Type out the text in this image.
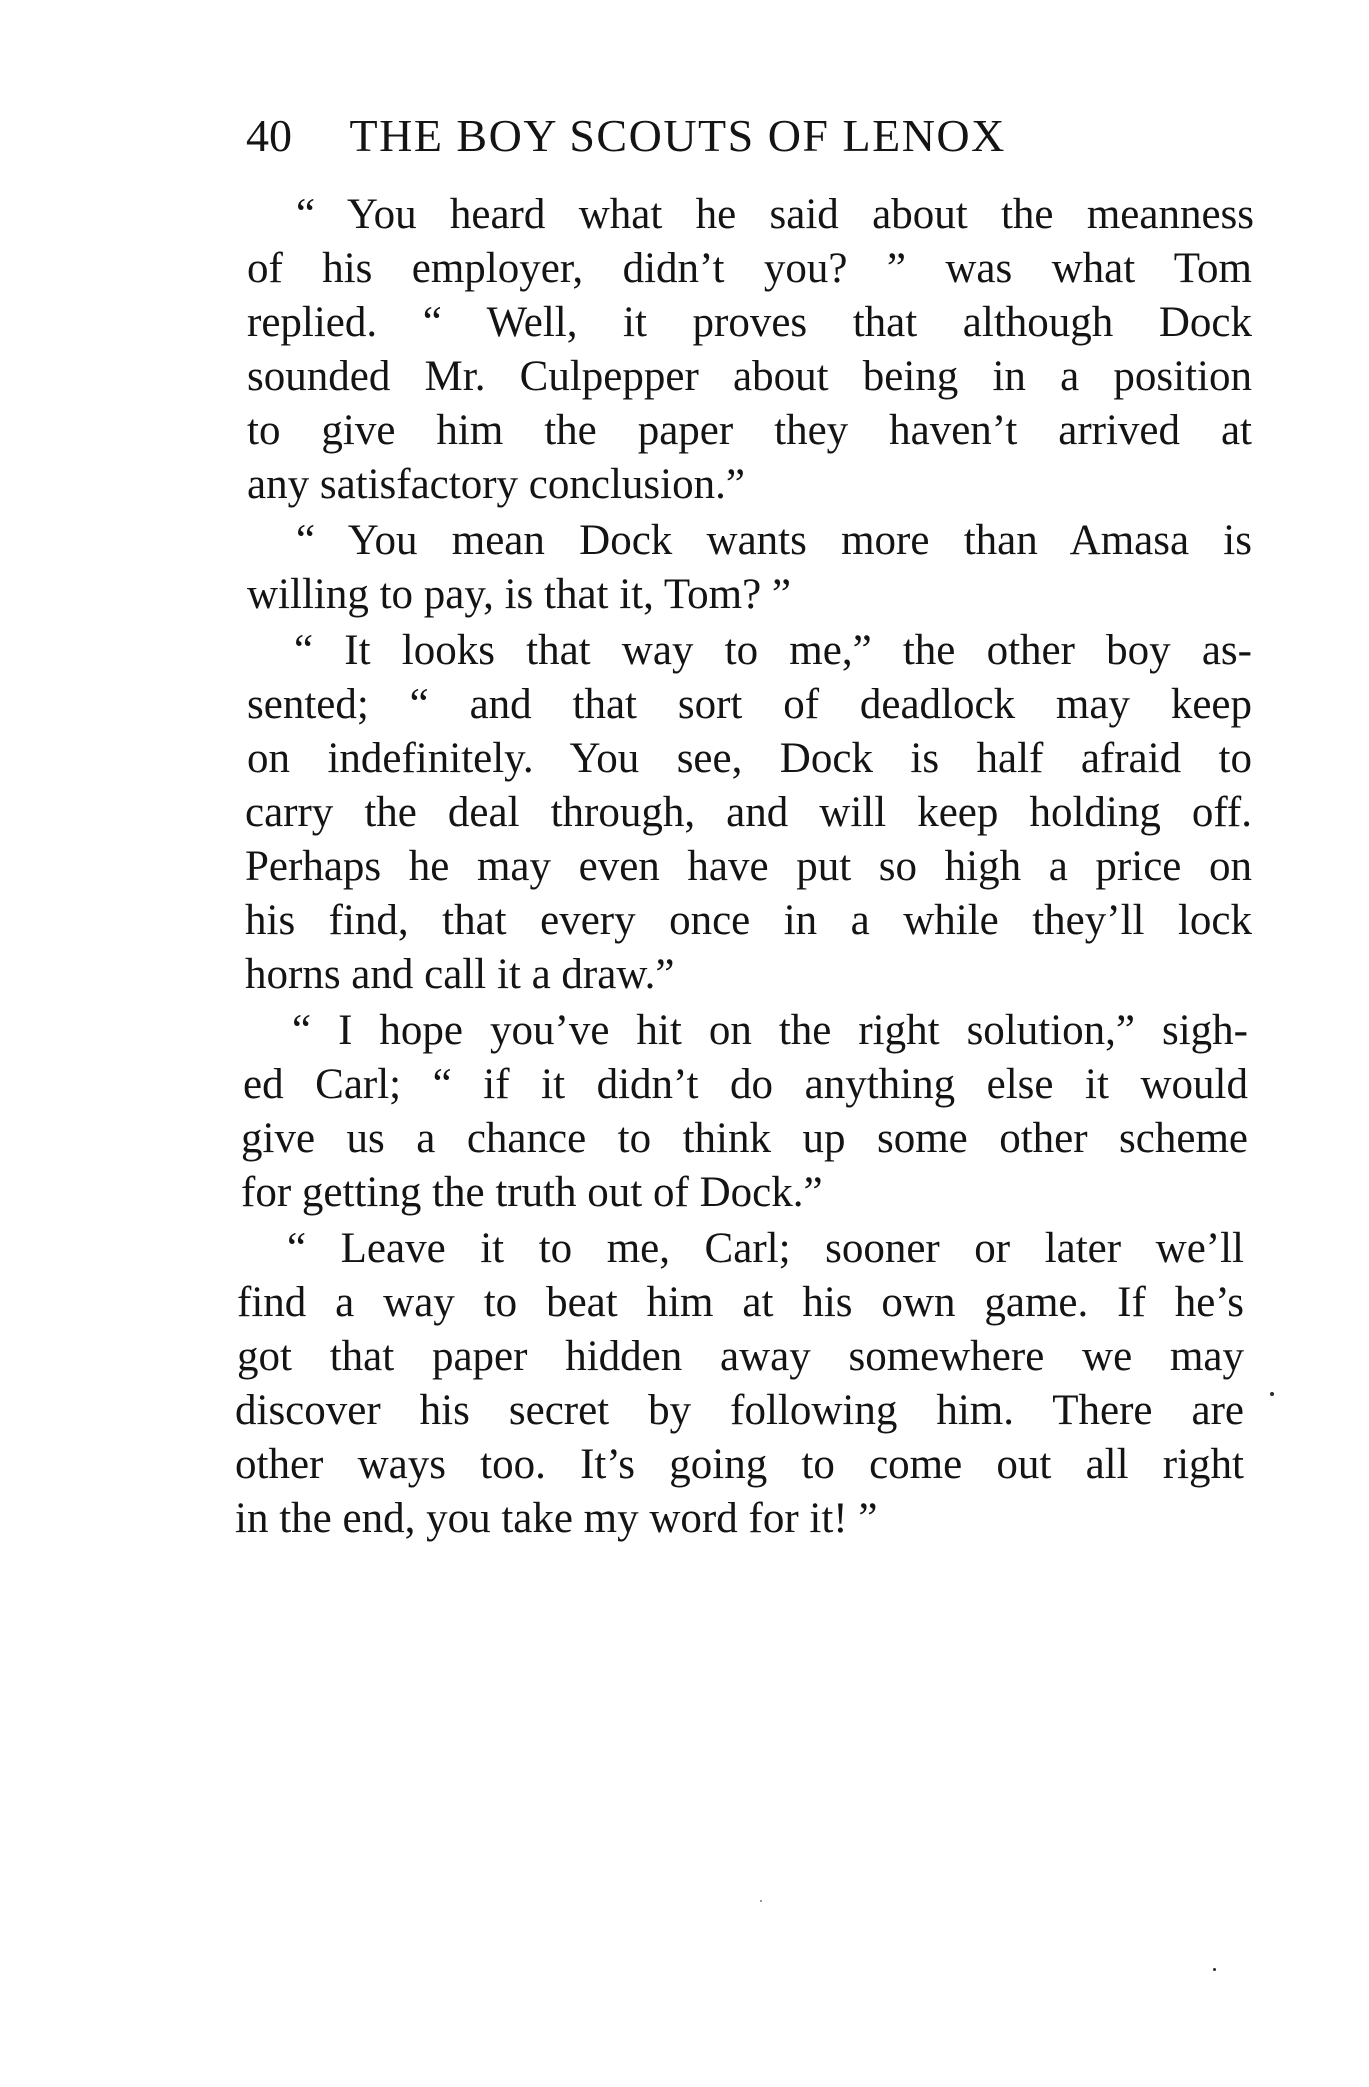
40 THE BOY SCOUTS OF LENOX
“ You heard what he said about the meanness
of his employer, didn’t you? ” was what Tom
replied. “ Well, it proves that although Dock
sounded Mr. Culpepper about being in a position
to give him the paper they haven’t arrived at
any satisfactory conclusion.”
“ You mean Dock wants more than Amasa is
willing to pay, is that it, Tom? ”
“ It looks that way to me,” the other boy as-
sented; “ and that sort of deadlock may keep
on indefinitely. You see, Dock is half afraid to
carry the deal through, and will keep holding off.
Perhaps he may even have put so high a price on
his find, that every once in a while they’ll lock
horns and call it a draw.”
“ I hope you’ve hit on the right solution,” sigh-
ed Carl; “ if it didn’t do anything else it would
give us a chance to think up some other scheme
for getting the truth out of Dock.”
“ Leave it to me, Carl; sooner or later we’ll
find a way to beat him at his own game. If he’s
got that paper hidden away somewhere we may
discover his secret by following him. There are
other ways too. It’s going to come out all right
in the end, you take my word for it! ”
